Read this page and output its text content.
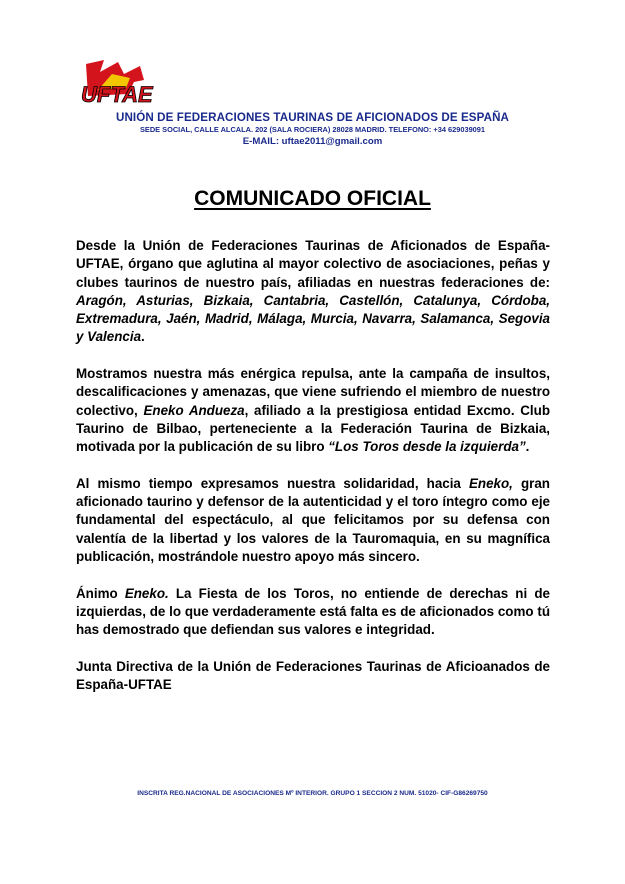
UFTAE
UNIÓN DE FEDERACIONES TAURINAS DE AFICIONADOS DE ESPAÑA
SEDE SOCIAL, CALLE ALCALA. 202 (SALA ROCIERA) 28028 MADRID. TELEFONO: +34 629039091
E-MAIL: uftae2011@gmail.com
COMUNICADO OFICIAL

Desde la Unión de Federaciones Taurinas de Aficionados de España-UFTAE, órgano que aglutina al mayor colectivo de asociaciones, peñas y clubes taurinos de nuestro país, afiliadas en nuestras federaciones de: Aragón, Asturias, Bizkaia, Cantabria, Castellón, Catalunya, Córdoba, Extremadura, Jaén, Madrid, Málaga, Murcia, Navarra, Salamanca, Segovia y Valencia.

Mostramos nuestra más enérgica repulsa, ante la campaña de insultos, descalificaciones y amenazas, que viene sufriendo el miembro de nuestro colectivo, Eneko Andueza, afiliado a la prestigiosa entidad Excmo. Club Taurino de Bilbao, perteneciente a la Federación Taurina de Bizkaia, motivada por la publicación de su libro “Los Toros desde la izquierda”.

Al mismo tiempo expresamos nuestra solidaridad, hacia Eneko, gran aficionado taurino y defensor de la autenticidad y el toro íntegro como eje fundamental del espectáculo, al que felicitamos por su defensa con valentía de la libertad y los valores de la Tauromaquia, en su magnífica publicación, mostrándole nuestro apoyo más sincero.

Ánimo Eneko. La Fiesta de los Toros, no entiende de derechas ni de izquierdas, de lo que verdaderamente está falta es de aficionados como tú has demostrado que defiendan sus valores e integridad.

Junta Directiva de la Unión de Federaciones Taurinas de Aficioanados de España-UFTAE

INSCRITA REG.NACIONAL DE ASOCIACIONES Mº INTERIOR. GRUPO 1 SECCION 2 NUM. 51020- CIF-G86269750
